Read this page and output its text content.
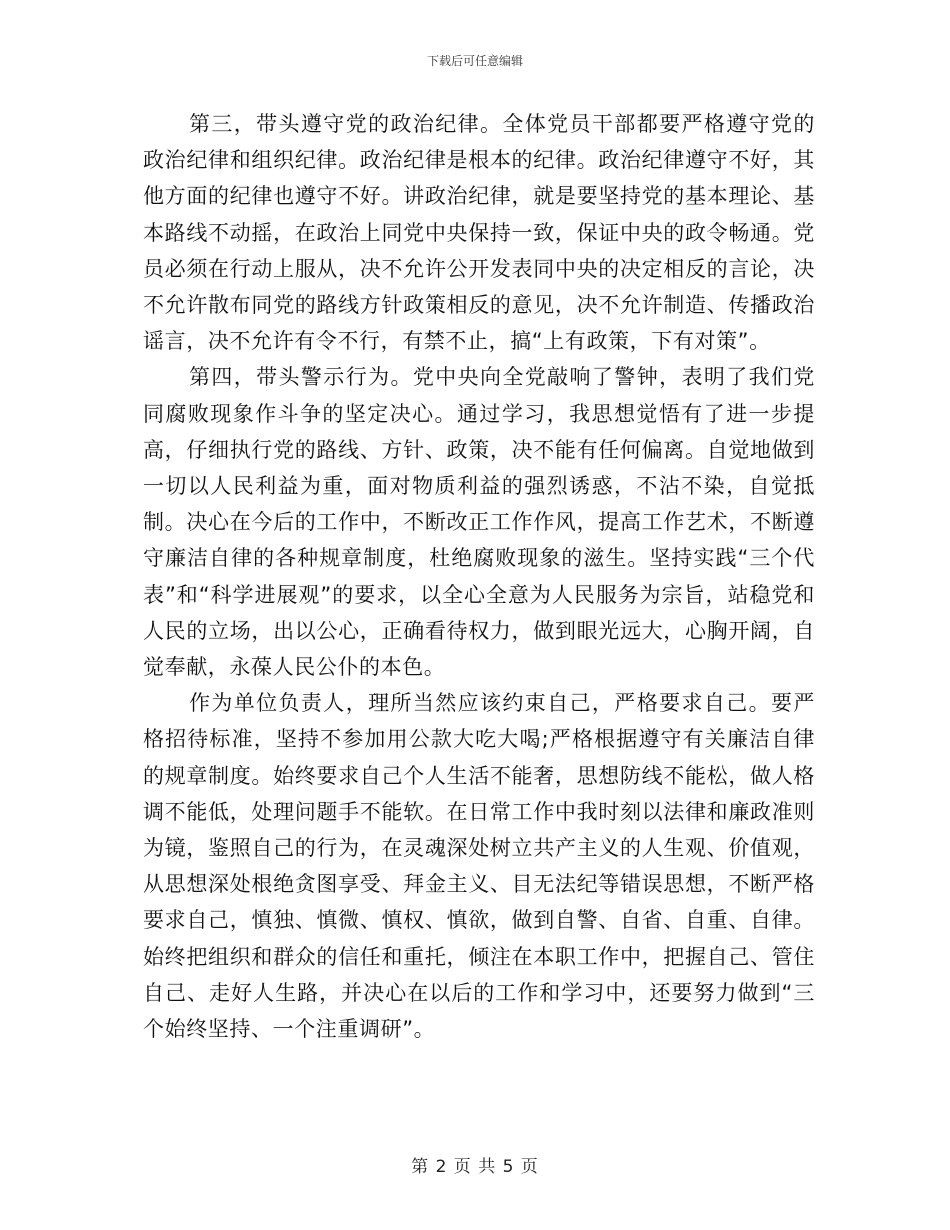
下载后可任意编辑

第三，带头遵守党的政治纪律。全体党员干部都要严格遵守党的政治纪律和组织纪律。政治纪律是根本的纪律。政治纪律遵守不好，其他方面的纪律也遵守不好。讲政治纪律，就是要坚持党的基本理论、基本路线不动摇，在政治上同党中央保持一致，保证中央的政令畅通。党员必须在行动上服从，决不允许公开发表同中央的决定相反的言论，决不允许散布同党的路线方针政策相反的意见，决不允许制造、传播政治谣言，决不允许有令不行，有禁不止，搞“上有政策，下有对策”。

第四，带头警示行为。党中央向全党敲响了警钟，表明了我们党同腐败现象作斗争的坚定决心。通过学习，我思想觉悟有了进一步提高，仔细执行党的路线、方针、政策，决不能有任何偏离。自觉地做到一切以人民利益为重，面对物质利益的强烈诱惑，不沾不染，自觉抵制。决心在今后的工作中，不断改正工作作风，提高工作艺术，不断遵守廉洁自律的各种规章制度，杜绝腐败现象的滋生。坚持实践“三个代表”和“科学进展观”的要求，以全心全意为人民服务为宗旨，站稳党和人民的立场，出以公心，正确看待权力，做到眼光远大，心胸开阔，自觉奉献，永葆人民公仆的本色。

作为单位负责人，理所当然应该约束自己，严格要求自己。要严格招待标准，坚持不参加用公款大吃大喝;严格根据遵守有关廉洁自律的规章制度。始终要求自己个人生活不能奢，思想防线不能松，做人格调不能低，处理问题手不能软。在日常工作中我时刻以法律和廉政准则为镜，鉴照自己的行为，在灵魂深处树立共产主义的人生观、价值观，从思想深处根绝贪图享受、拜金主义、目无法纪等错误思想，不断严格要求自己，慎独、慎微、慎权、慎欲，做到自警、自省、自重、自律。始终把组织和群众的信任和重托，倾注在本职工作中，把握自己、管住自己、走好人生路，并决心在以后的工作和学习中，还要努力做到“三个始终坚持、一个注重调研”。

第 2 页 共 5 页
